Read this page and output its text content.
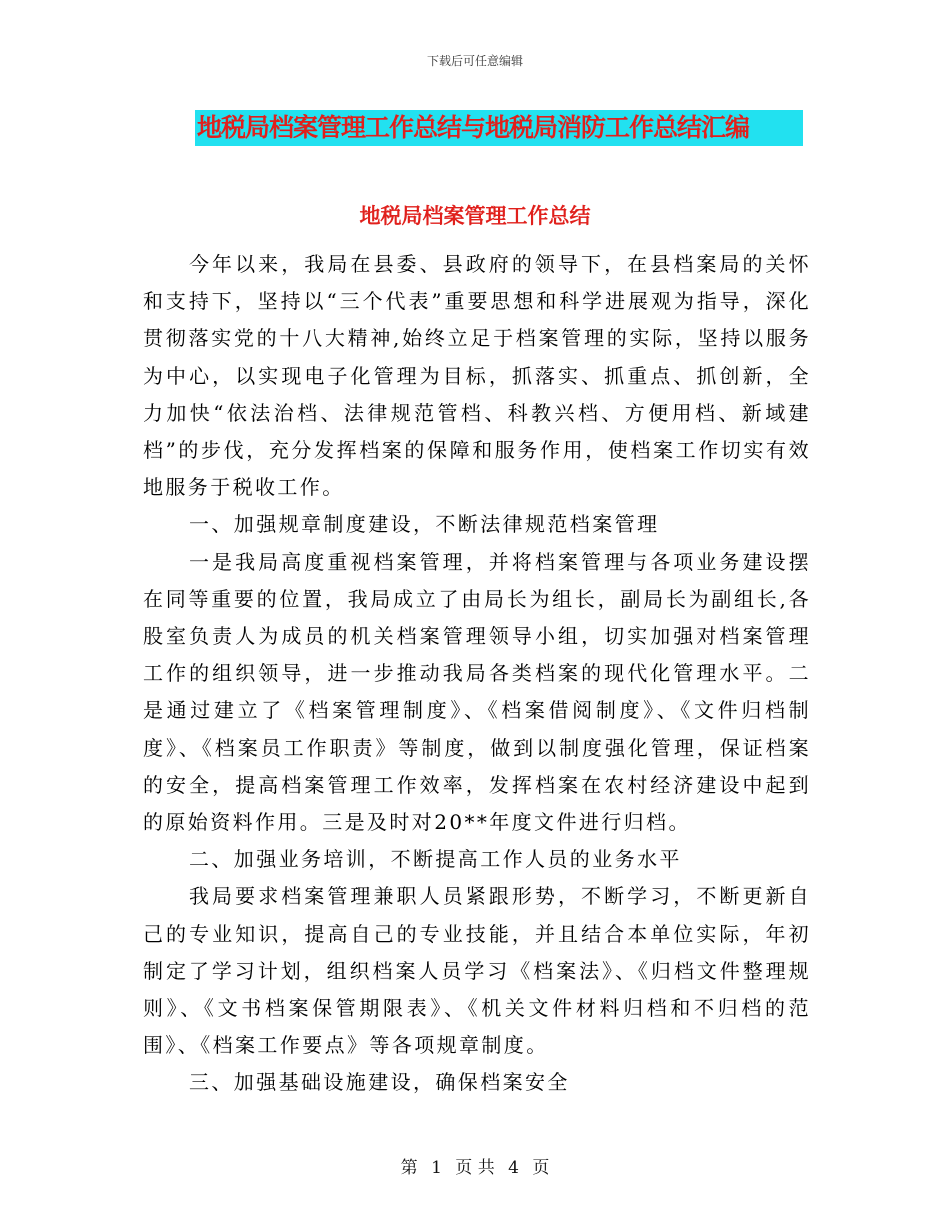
下载后可任意编辑
地税局档案管理工作总结与地税局消防工作总结汇编
地税局档案管理工作总结

今年以来，我局在县委、县政府的领导下，在县档案局的关怀和支持下，坚持以“三个代表”重要思想和科学进展观为指导，深化贯彻落实党的十八大精神,始终立足于档案管理的实际，坚持以服务为中心，以实现电子化管理为目标，抓落实、抓重点、抓创新，全力加快“依法治档、法律规范管档、科教兴档、方便用档、新域建档”的步伐，充分发挥档案的保障和服务作用，使档案工作切实有效地服务于税收工作。

一、加强规章制度建设，不断法律规范档案管理

一是我局高度重视档案管理，并将档案管理与各项业务建设摆在同等重要的位置，我局成立了由局长为组长，副局长为副组长,各股室负责人为成员的机关档案管理领导小组，切实加强对档案管理工作的组织领导，进一步推动我局各类档案的现代化管理水平。二是通过建立了《档案管理制度》、《档案借阅制度》、《文件归档制度》、《档案员工作职责》等制度，做到以制度强化管理，保证档案的安全，提高档案管理工作效率，发挥档案在农村经济建设中起到的原始资料作用。三是及时对20**年度文件进行归档。

二、加强业务培训，不断提高工作人员的业务水平

我局要求档案管理兼职人员紧跟形势，不断学习，不断更新自己的专业知识，提高自己的专业技能，并且结合本单位实际，年初制定了学习计划，组织档案人员学习《档案法》、《归档文件整理规则》、《文书档案保管期限表》、《机关文件材料归档和不归档的范围》、《档案工作要点》等各项规章制度。

三、加强基础设施建设，确保档案安全

第 1 页 共 4 页
